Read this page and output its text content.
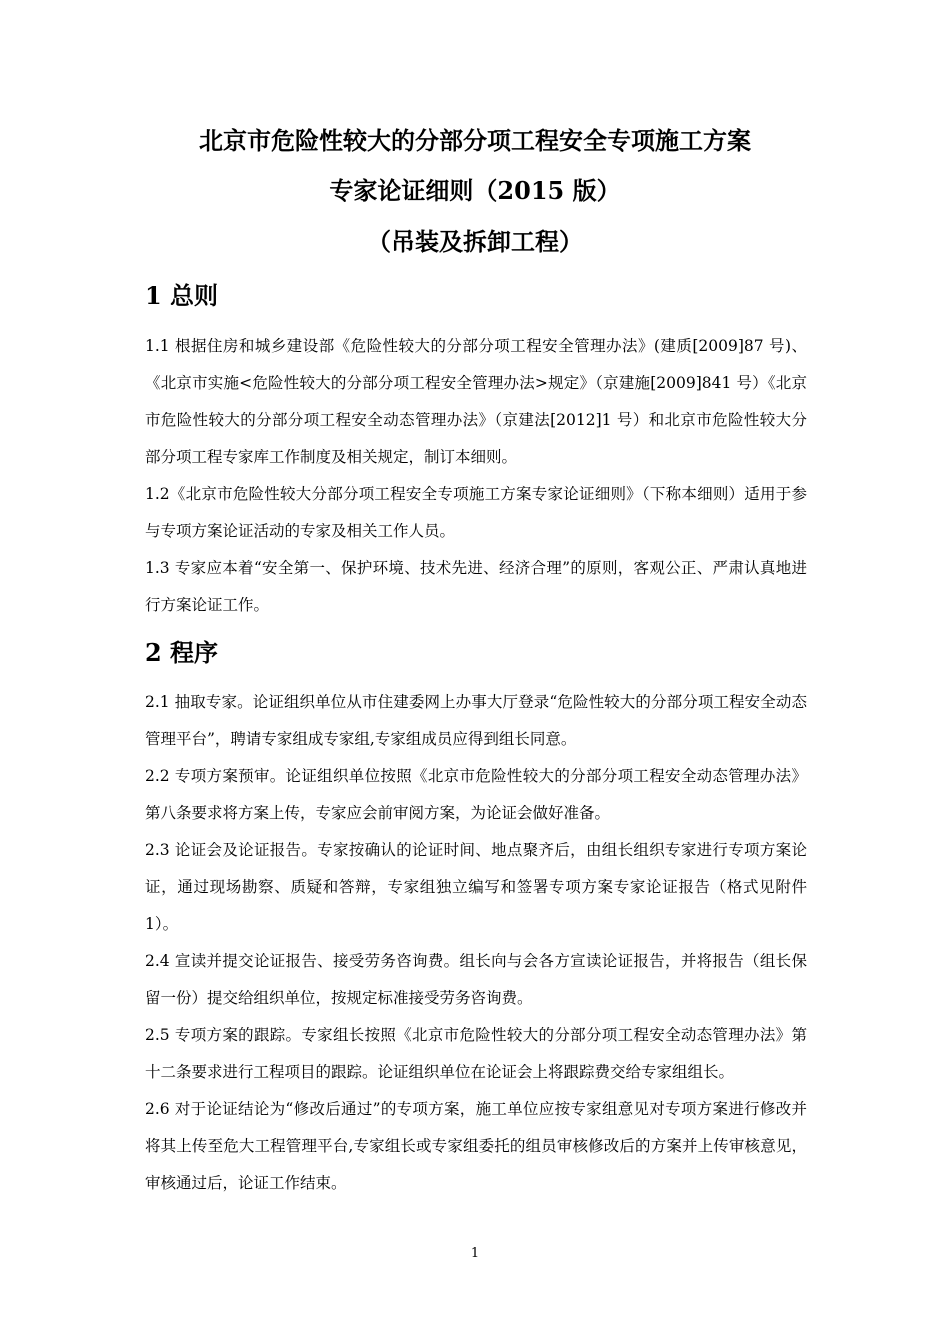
北京市危险性较大的分部分项工程安全专项施工方案
专家论证细则（2015 版）
（吊装及拆卸工程）
1 总则
1.1 根据住房和城乡建设部《危险性较大的分部分项工程安全管理办法》(建质[2009]87 号)、《北京市实施<危险性较大的分部分项工程安全管理办法>规定》（京建施[2009]841 号）《北京市危险性较大的分部分项工程安全动态管理办法》（京建法[2012]1 号）和北京市危险性较大分部分项工程专家库工作制度及相关规定，制订本细则。
1.2《北京市危险性较大分部分项工程安全专项施工方案专家论证细则》（下称本细则）适用于参与专项方案论证活动的专家及相关工作人员。
1.3 专家应本着“安全第一、保护环境、技术先进、经济合理”的原则，客观公正、严肃认真地进行方案论证工作。
2 程序
2.1 抽取专家。论证组织单位从市住建委网上办事大厅登录“危险性较大的分部分项工程安全动态管理平台”，聘请专家组成专家组,专家组成员应得到组长同意。
2.2 专项方案预审。论证组织单位按照《北京市危险性较大的分部分项工程安全动态管理办法》第八条要求将方案上传，专家应会前审阅方案，为论证会做好准备。
2.3 论证会及论证报告。专家按确认的论证时间、地点聚齐后，由组长组织专家进行专项方案论证，通过现场勘察、质疑和答辩，专家组独立编写和签署专项方案专家论证报告（格式见附件 1）。
2.4 宣读并提交论证报告、接受劳务咨询费。组长向与会各方宣读论证报告，并将报告（组长保留一份）提交给组织单位，按规定标准接受劳务咨询费。
2.5 专项方案的跟踪。专家组长按照《北京市危险性较大的分部分项工程安全动态管理办法》第十二条要求进行工程项目的跟踪。论证组织单位在论证会上将跟踪费交给专家组组长。
2.6 对于论证结论为“修改后通过”的专项方案，施工单位应按专家组意见对专项方案进行修改并将其上传至危大工程管理平台,专家组长或专家组委托的组员审核修改后的方案并上传审核意见，审核通过后，论证工作结束。
1
